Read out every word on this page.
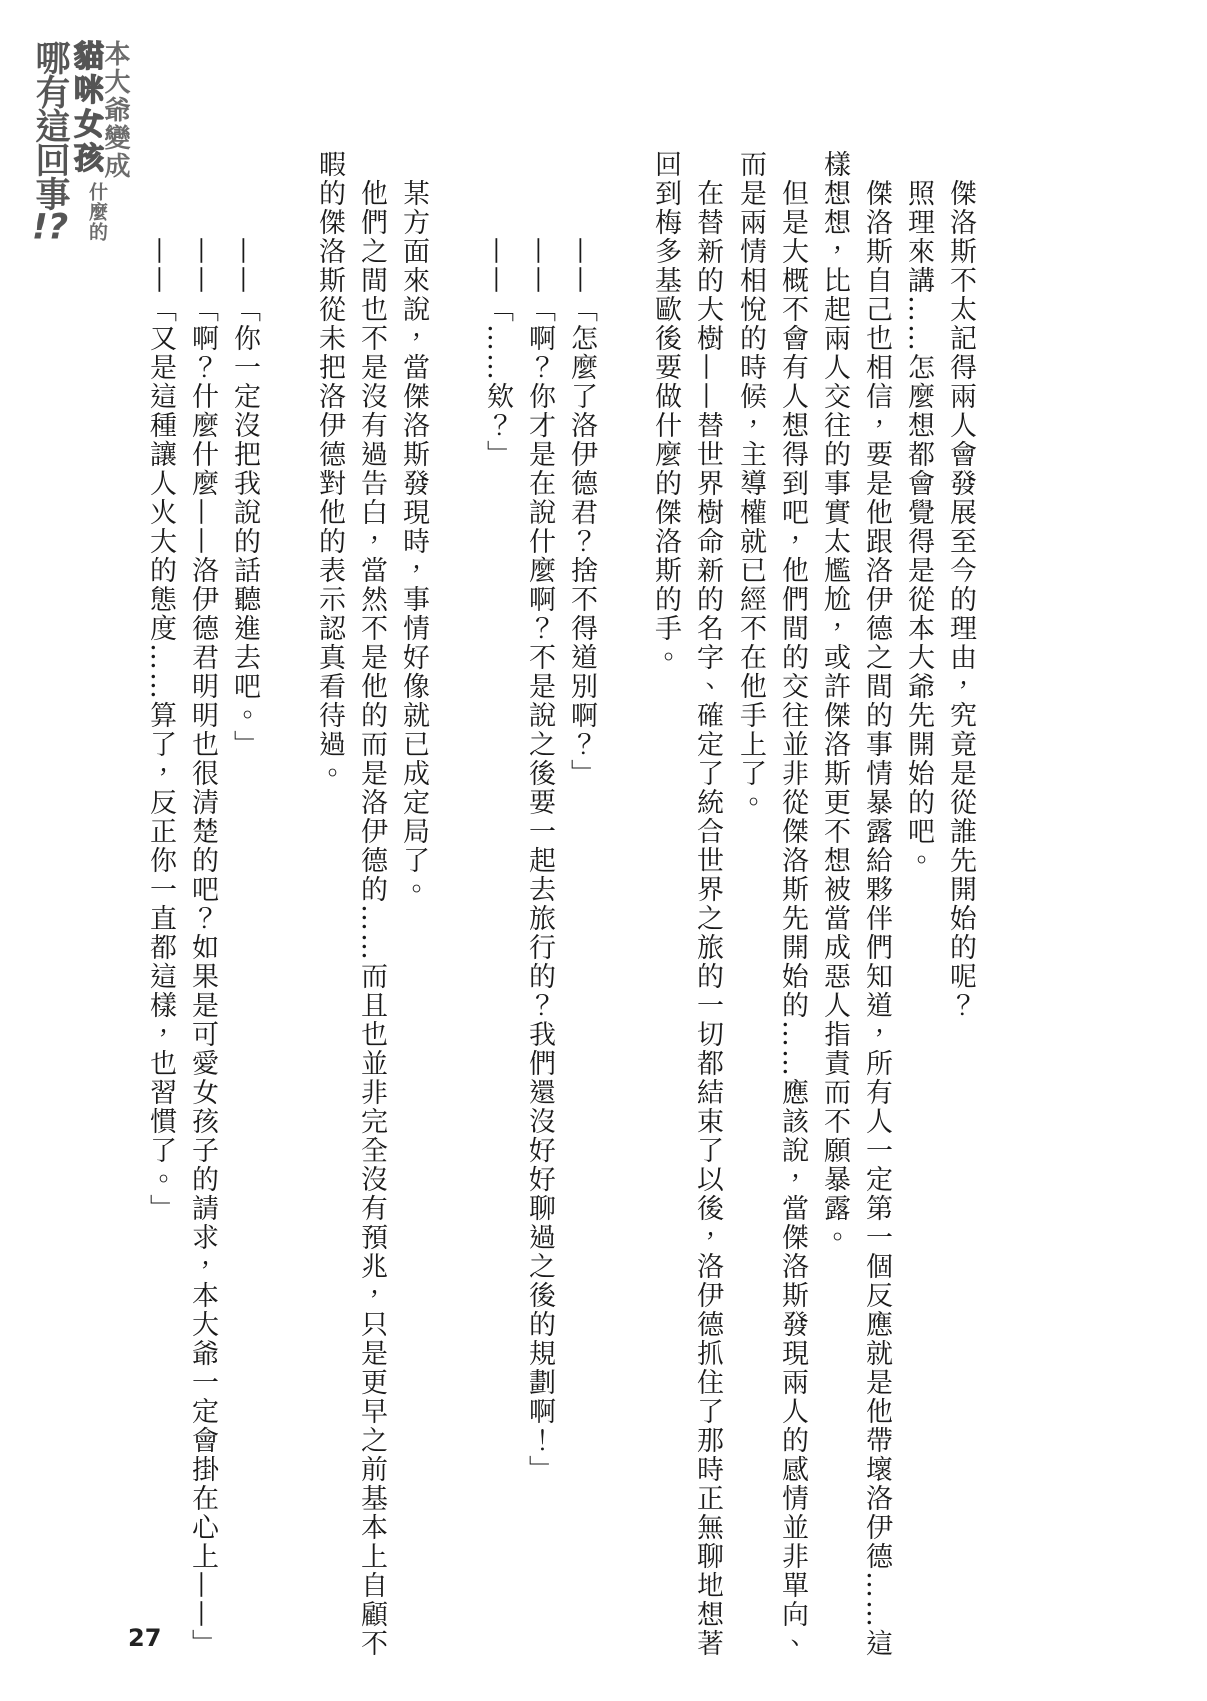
哪有這回事!?
本大爺變成
貓咪女孩
什麼的	傑洛斯不太記得兩人會發展至今的理由，究竟是從誰先開始的呢？
照理來講……怎麼想都會覺得是從本大爺先開始的吧。
傑洛斯自己也相信，要是他跟洛伊德之間的事情暴露給夥伴們知道，所有人一定第一個反應就是他帶壞洛伊德……這
樣想想，比起兩人交往的事實太尷尬，或許傑洛斯更不想被當成惡人指責而不願暴露。
但是大概不會有人想得到吧，他們間的交往並非從傑洛斯先開始的……應該說，當傑洛斯發現兩人的感情並非單向、
而是兩情相悅的時候，主導權就已經不在他手上了。
在替新的大樹——替世界樹命新的名字、確定了統合世界之旅的一切都結束了以後，洛伊德抓住了那時正無聊地想著
回到梅多基歐後要做什麼的傑洛斯的手。
——「怎麼了洛伊德君？捨不得道別啊？」
——「啊？你才是在說什麼啊？不是說之後要一起去旅行的？我們還沒好好聊過之後的規劃啊！」
——「……欸？」
某方面來說，當傑洛斯發現時，事情好像就已成定局了。
他們之間也不是沒有過告白，當然不是他的而是洛伊德的……而且也並非完全沒有預兆，只是更早之前基本上自顧不
暇的傑洛斯從未把洛伊德對他的表示認真看待過。
——「你一定沒把我說的話聽進去吧。」
——「啊？什麼什麼——洛伊德君明明也很清楚的吧？如果是可愛女孩子的請求，本大爺一定會掛在心上——」
——「又是這種讓人火大的態度……算了，反正你一直都這樣，也習慣了。」
27
